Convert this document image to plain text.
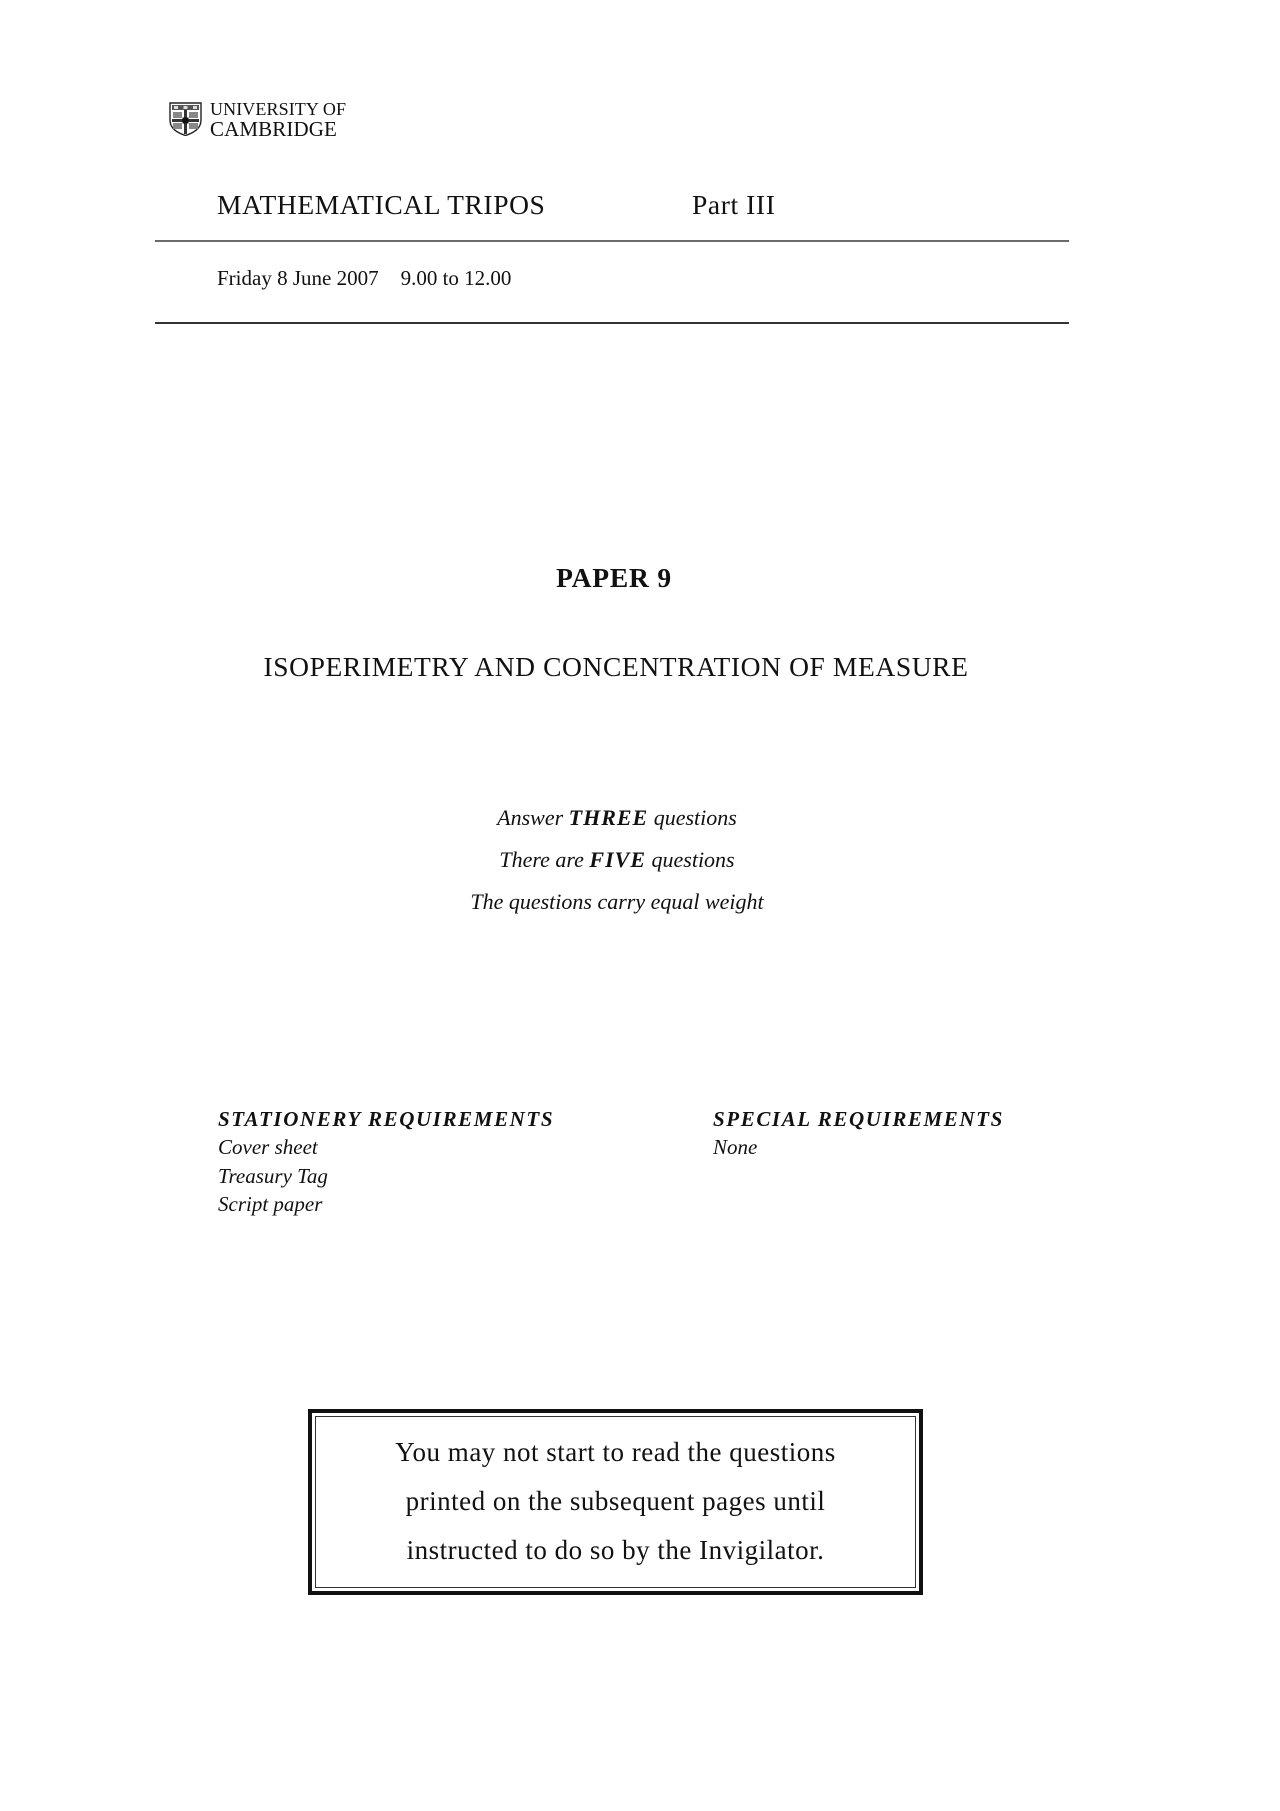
UNIVERSITY OF
CAMBRIDGE
MATHEMATICAL TRIPOS	Part III
Friday 8 June 2007 9.00 to 12.00
PAPER 9
ISOPERIMETRY AND CONCENTRATION OF MEASURE
Answer THREE questions
There are FIVE questions
The questions carry equal weight
STATIONERY REQUIREMENTS
Cover sheet
Treasury Tag
Script paper
SPECIAL REQUIREMENTS
None
You may not start to read the questions
printed on the subsequent pages until
instructed to do so by the Invigilator.
